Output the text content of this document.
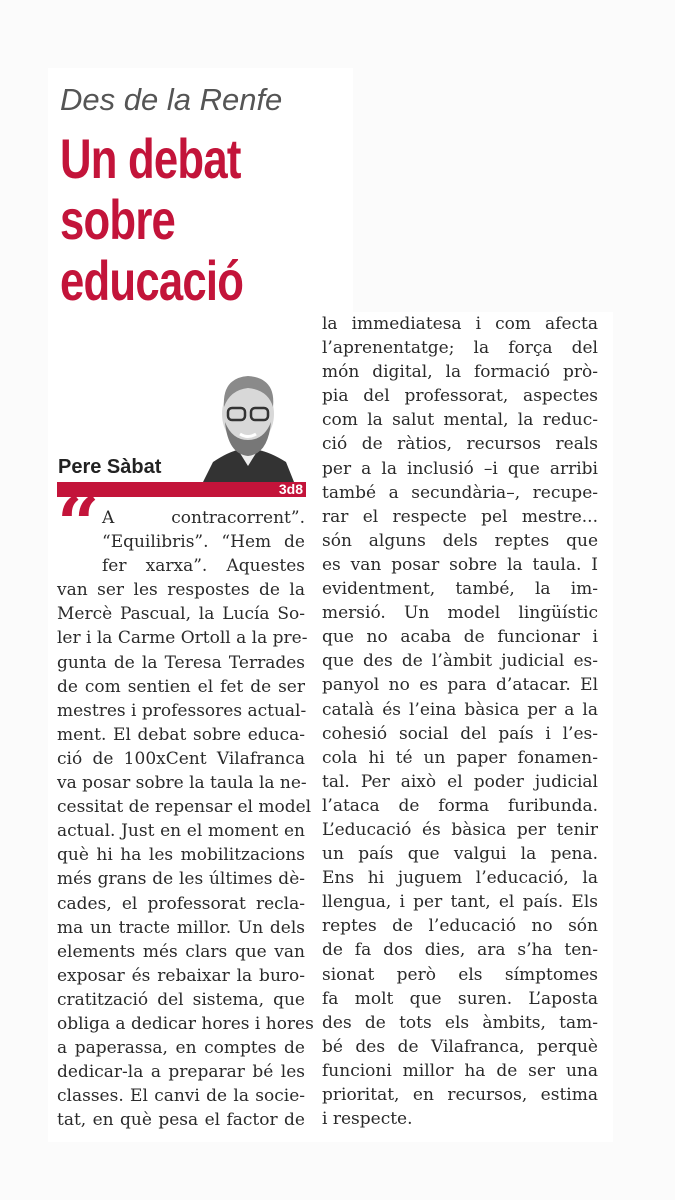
Des de la Renfe
Un debat
sobre
educació
Pere Sàbat
3d8
“ A contracorrent”.
“Equilibris”. “Hem de
fer xarxa”. Aquestes
van ser les respostes de la
Mercè Pascual, la Lucía So-
ler i la Carme Ortoll a la pre-
gunta de la Teresa Terrades
de com sentien el fet de ser
mestres i professores actual-
ment. El debat sobre educa-
ció de 100xCent Vilafranca
va posar sobre la taula la ne-
cessitat de repensar el model
actual. Just en el moment en
què hi ha les mobilitzacions
més grans de les últimes dè-
cades, el professorat recla-
ma un tracte millor. Un dels
elements més clars que van
exposar és rebaixar la buro-
cratització del sistema, que
obliga a dedicar hores i hores
a paperassa, en comptes de
dedicar-la a preparar bé les
classes. El canvi de la socie-
tat, en què pesa el factor de
la immediatesa i com afecta
l’aprenentatge; la força del
món digital, la formació prò-
pia del professorat, aspectes
com la salut mental, la reduc-
ció de ràtios, recursos reals
per a la inclusió –i que arribi
també a secundària–, recupe-
rar el respecte pel mestre...
són alguns dels reptes que
es van posar sobre la taula. I
evidentment, també, la im-
mersió. Un model lingüístic
que no acaba de funcionar i
que des de l’àmbit judicial es-
panyol no es para d’atacar. El
català és l’eina bàsica per a la
cohesió social del país i l’es-
cola hi té un paper fonamen-
tal. Per això el poder judicial
l’ataca de forma furibunda.
L’educació és bàsica per tenir
un país que valgui la pena.
Ens hi juguem l’educació, la
llengua, i per tant, el país. Els
reptes de l’educació no són
de fa dos dies, ara s’ha ten-
sionat però els símptomes
fa molt que suren. L’aposta
des de tots els àmbits, tam-
bé des de Vilafranca, perquè
funcioni millor ha de ser una
prioritat, en recursos, estima
i respecte.
